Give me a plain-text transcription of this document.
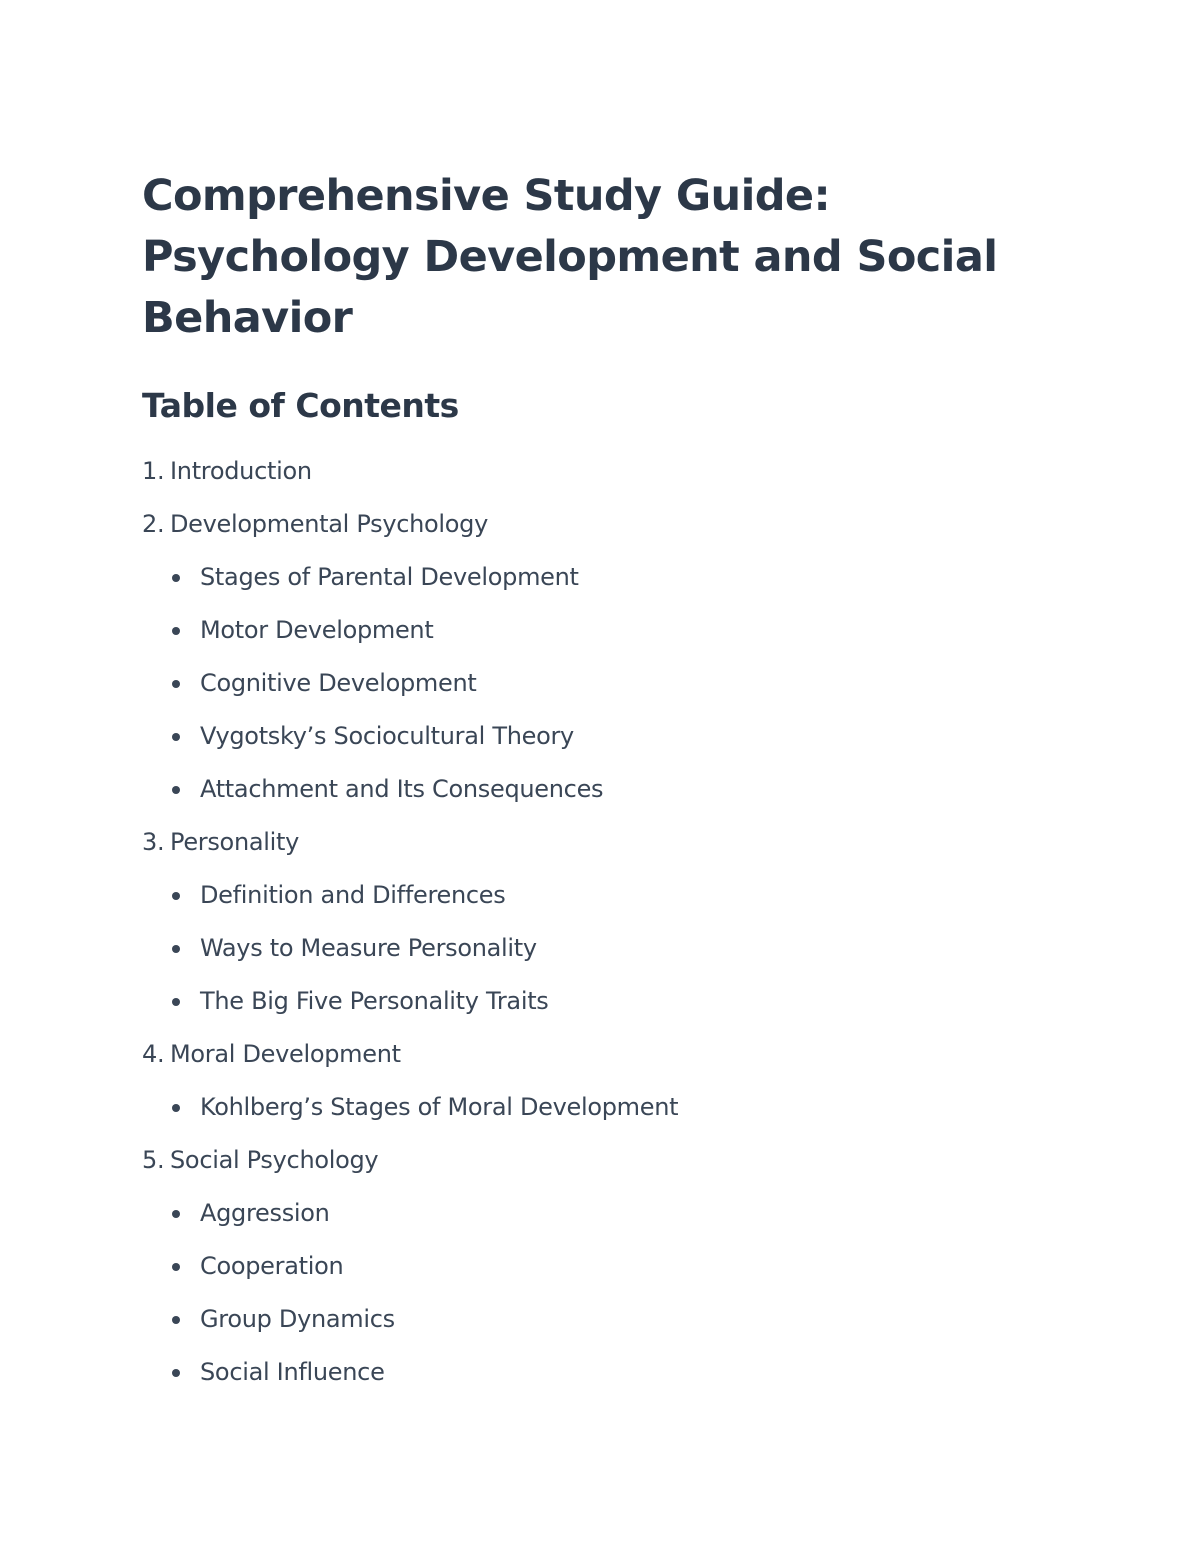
Comprehensive Study Guide:
Psychology Development and Social
Behavior
Table of Contents
1. Introduction
2. Developmental Psychology
Stages of Parental Development
Motor Development
Cognitive Development
Vygotsky’s Sociocultural Theory
Attachment and Its Consequences
3. Personality
Definition and Differences
Ways to Measure Personality
The Big Five Personality Traits
4. Moral Development
Kohlberg’s Stages of Moral Development
5. Social Psychology
Aggression
Cooperation
Group Dynamics
Social Influence
